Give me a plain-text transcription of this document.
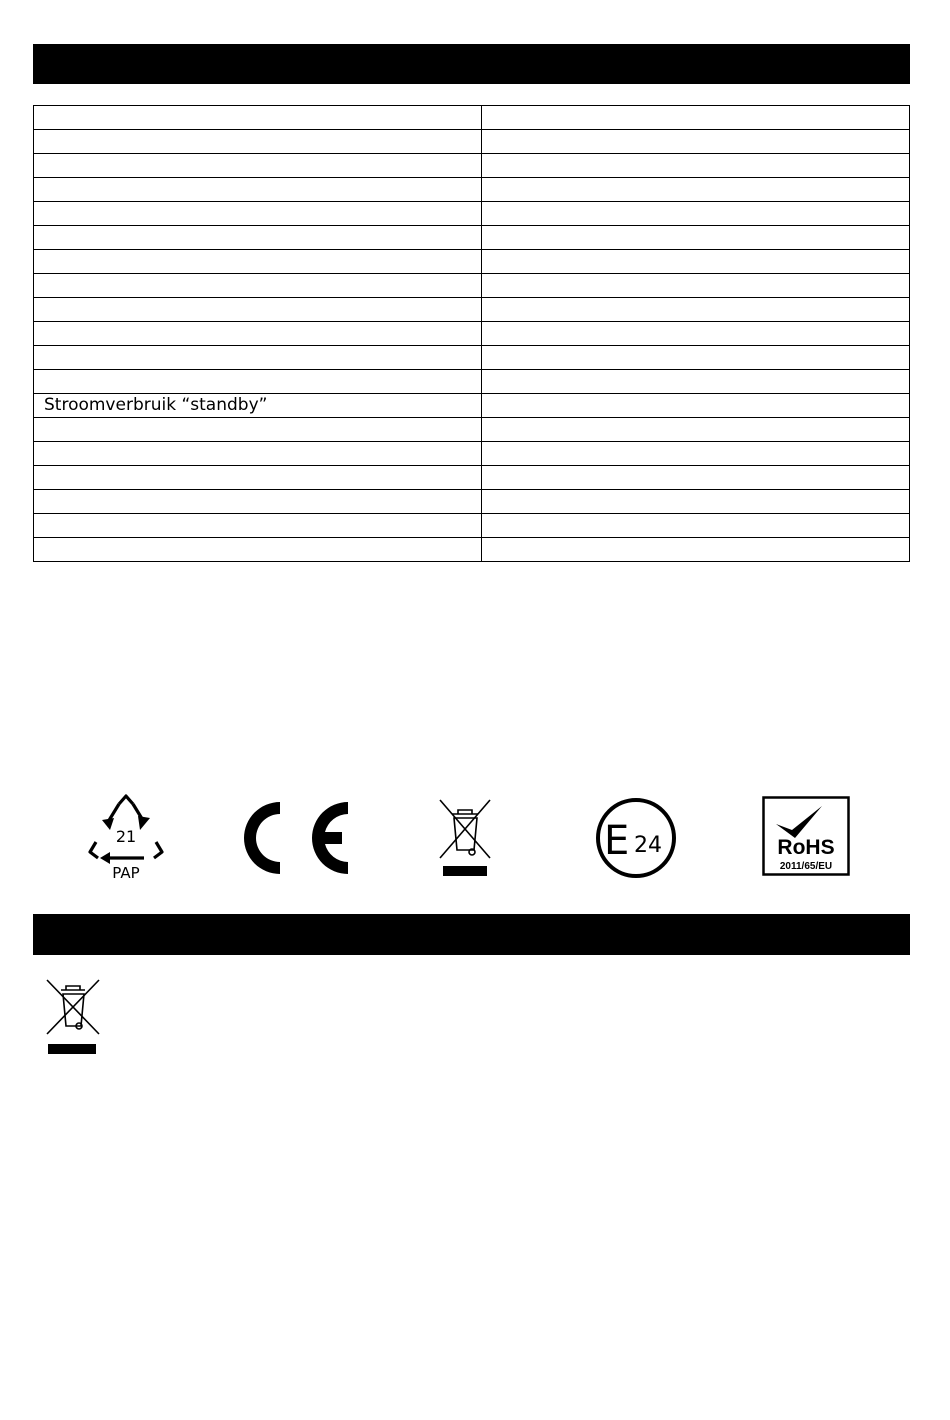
Stroomverbruik “standby”	

21
PAP
E 24	RoHS
2011/65/EU
